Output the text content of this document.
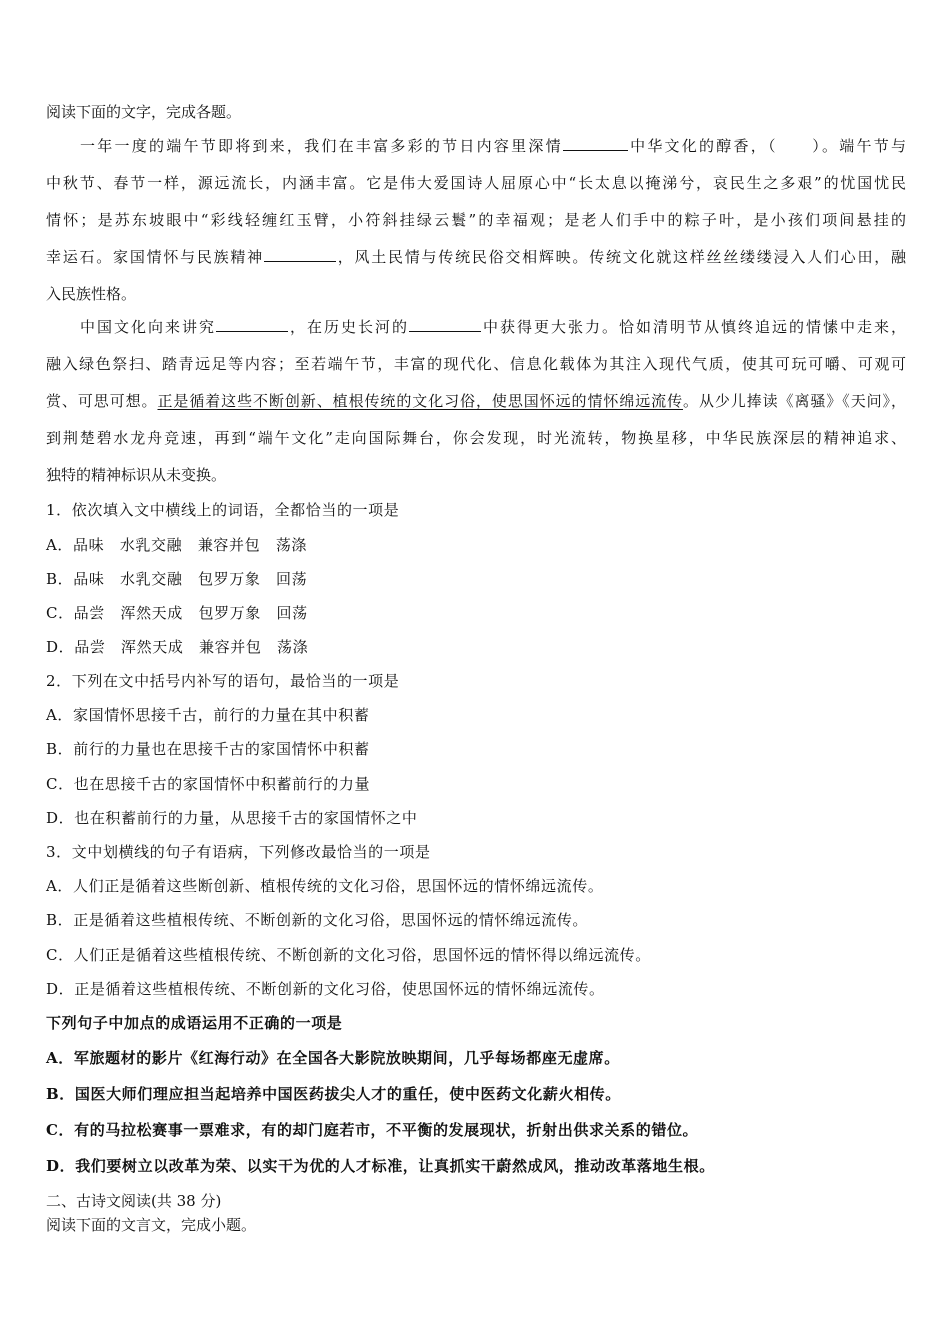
阅读下面的文字，完成各题。
一年一度的端午节即将到来，我们在丰富多彩的节日内容里深情	中华文化的醇香，（　　）。端午节与
中秋节、春节一样，源远流长，内涵丰富。它是伟大爱国诗人屈原心中“长太息以掩涕兮，哀民生之多艰”的忧国忧民
情怀；是苏东坡眼中“彩线轻缠红玉臂，小符斜挂绿云鬟”的幸福观；是老人们手中的粽子叶，是小孩们项间悬挂的
幸运石。家国情怀与民族精神	，风土民情与传统民俗交相辉映。传统文化就这样丝丝缕缕浸入人们心田，融
入民族性格。
中国文化向来讲究	，在历史长河的	中获得更大张力。恰如清明节从慎终追远的情愫中走来，
融入绿色祭扫、踏青远足等内容；至若端午节，丰富的现代化、信息化载体为其注入现代气质，使其可玩可嚼、可观可
赏、可思可想。正是循着这些不断创新、植根传统的文化习俗，使思国怀远的情怀绵远流传。从少儿捧读《离骚》《天问》，
到荆楚碧水龙舟竞速，再到“端午文化”走向国际舞台，你会发现，时光流转，物换星移，中华民族深层的精神追求、
独特的精神标识从未变换。
1．依次填入文中横线上的词语，全都恰当的一项是
A．品味　水乳交融　兼容并包　荡涤
B．品味　水乳交融　包罗万象　回荡
C．品尝　浑然天成　包罗万象　回荡
D．品尝　浑然天成　兼容并包　荡涤
2．下列在文中括号内补写的语句，最恰当的一项是
A．家国情怀思接千古，前行的力量在其中积蓄
B．前行的力量也在思接千古的家国情怀中积蓄
C．也在思接千古的家国情怀中积蓄前行的力量
D．也在积蓄前行的力量，从思接千古的家国情怀之中
3．文中划横线的句子有语病，下列修改最恰当的一项是
A．人们正是循着这些断创新、植根传统的文化习俗，思国怀远的情怀绵远流传。
B．正是循着这些植根传统、不断创新的文化习俗，思国怀远的情怀绵远流传。
C．人们正是循着这些植根传统、不断创新的文化习俗，思国怀远的情怀得以绵远流传。
D．正是循着这些植根传统、不断创新的文化习俗，使思国怀远的情怀绵远流传。
下列句子中加点的成语运用不正确的一项是
A．军旅题材的影片《红海行动》在全国各大影院放映期间，几乎每场都座无虚席。
B．国医大师们理应担当起培养中国医药拔尖人才的重任，使中医药文化薪火相传。
C．有的马拉松赛事一票难求，有的却门庭若市，不平衡的发展现状，折射出供求关系的错位。
D．我们要树立以改革为荣、以实干为优的人才标准，让真抓实干蔚然成风，推动改革落地生根。
二、古诗文阅读(共 38 分)
阅读下面的文言文，完成小题。
